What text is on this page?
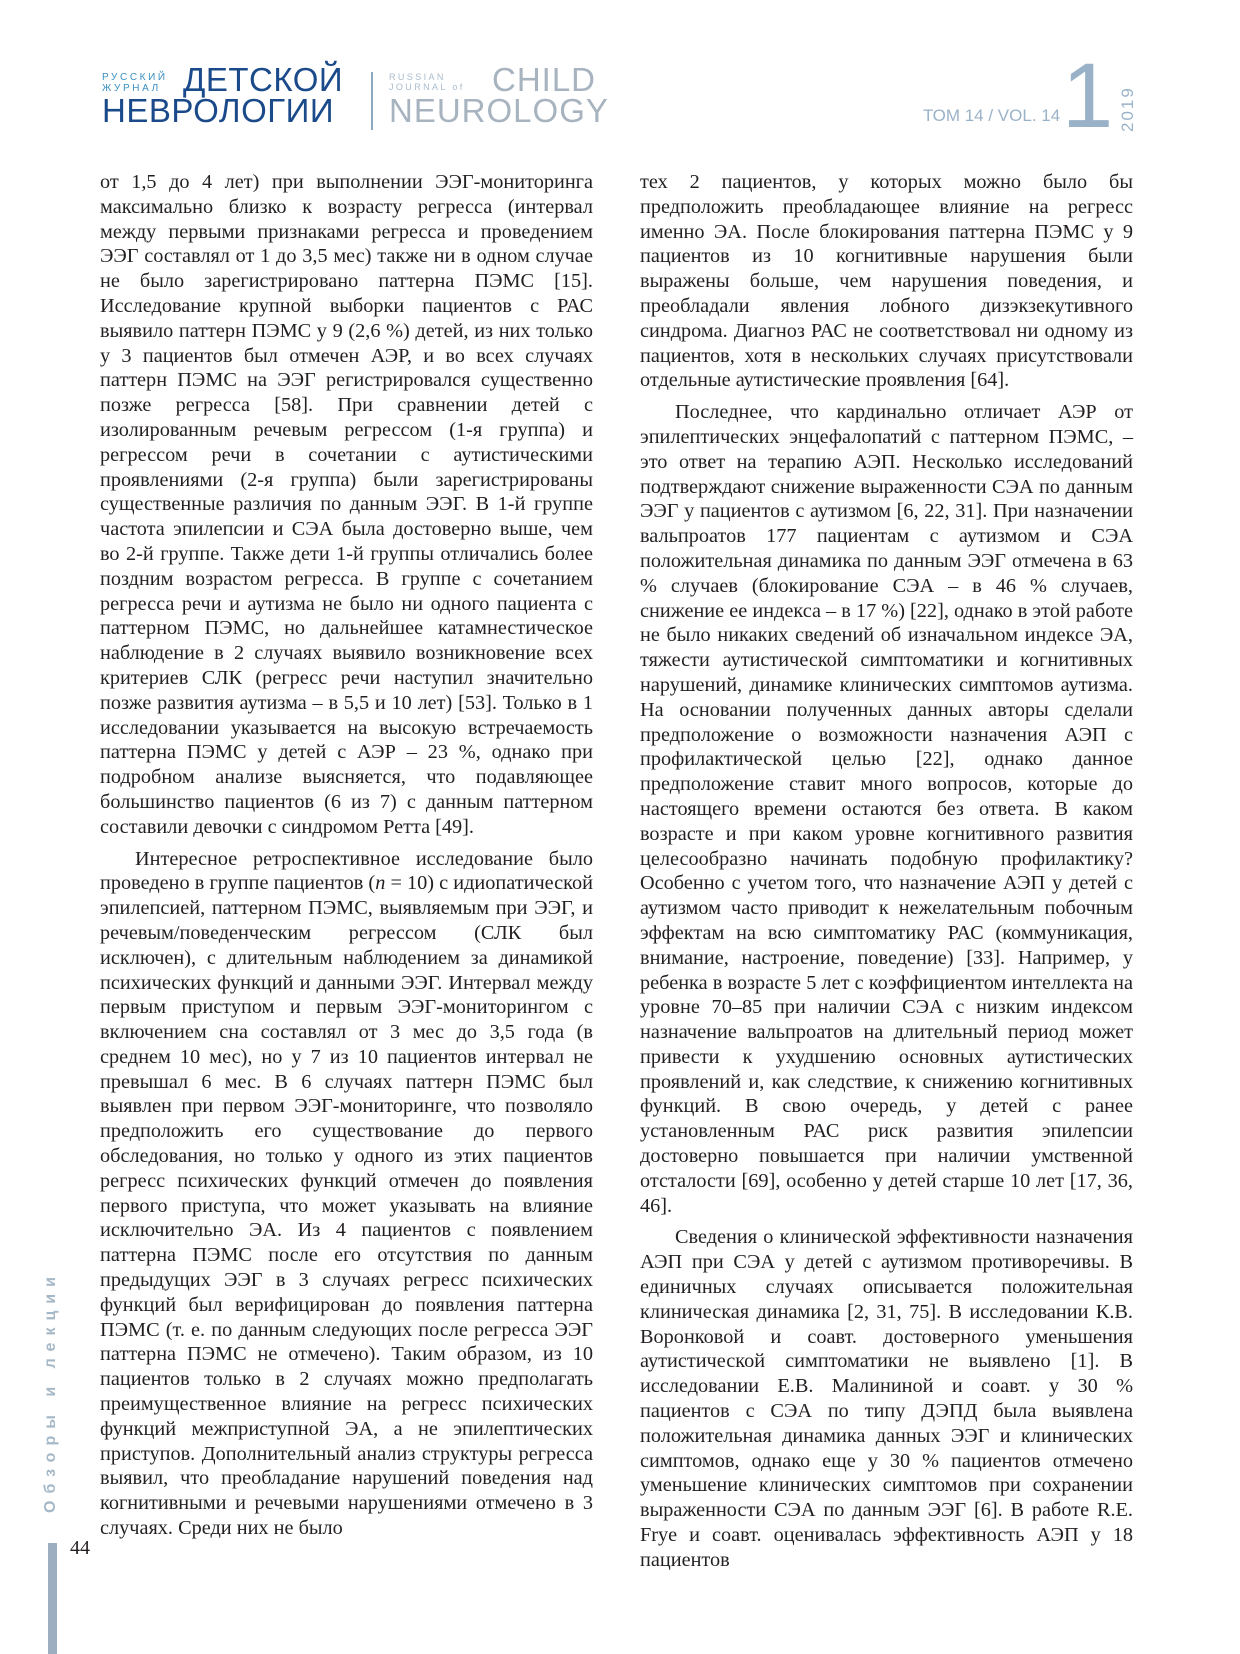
РУССКИЙ ЖУРНАЛ ДЕТСКОЙ
НЕВРОЛОГИИ
RUSSIAN JOURNAL of CHILD
NEUROLOGY	ТОМ 14 / VOL. 14 1 2019
Обзоры и лекции
44

от 1,5 до 4 лет) при выполнении ЭЭГ-мониторинга максимально близко к возрасту регресса (интервал между первыми признаками регресса и проведением ЭЭГ составлял от 1 до 3,5 мес) также ни в одном случае не было зарегистрировано паттерна ПЭМС [15]. Исследование крупной выборки пациентов с РАС выявило паттерн ПЭМС у 9 (2,6 %) детей, из них только у 3 пациентов был отмечен АЭР, и во всех случаях паттерн ПЭМС на ЭЭГ регистрировался существенно позже регресса [58]. При сравнении детей с изолированным речевым регрессом (1-я группа) и регрессом речи в сочетании с аутистическими проявлениями (2-я группа) были зарегистрированы существенные различия по данным ЭЭГ. В 1-й группе частота эпилепсии и СЭА была достоверно выше, чем во 2-й группе. Также дети 1-й группы отличались более поздним возрастом регресса. В группе с сочетанием регресса речи и аутизма не было ни одного пациента с паттерном ПЭМС, но дальнейшее катамнестическое наблюдение в 2 случаях выявило возникновение всех критериев СЛК (регресс речи наступил значительно позже развития аутизма – в 5,5 и 10 лет) [53]. Только в 1 исследовании указывается на высокую встречаемость паттерна ПЭМС у детей с АЭР – 23 %, однако при подробном анализе выясняется, что подавляющее большинство пациентов (6 из 7) с данным паттерном составили девочки с синдромом Ретта [49].

Интересное ретроспективное исследование было проведено в группе пациентов (n = 10) с идиопатической эпилепсией, паттерном ПЭМС, выявляемым при ЭЭГ, и речевым/поведенческим регрессом (СЛК был исключен), с длительным наблюдением за динамикой психических функций и данными ЭЭГ. Интервал между первым приступом и первым ЭЭГ-мониторингом с включением сна составлял от 3 мес до 3,5 года (в среднем 10 мес), но у 7 из 10 пациентов интервал не превышал 6 мес. В 6 случаях паттерн ПЭМС был выявлен при первом ЭЭГ-мониторинге, что позволяло предположить его существование до первого обследования, но только у одного из этих пациентов регресс психических функций отмечен до появления первого приступа, что может указывать на влияние исключительно ЭА. Из 4 пациентов с появлением паттерна ПЭМС после его отсутствия по данным предыдущих ЭЭГ в 3 случаях регресс психических функций был верифицирован до появления паттерна ПЭМС (т. е. по данным следующих после регресса ЭЭГ паттерна ПЭМС не отмечено). Таким образом, из 10 пациентов только в 2 случаях можно предполагать преимущественное влияние на регресс психических функций межприступной ЭА, а не эпилептических приступов. Дополнительный анализ структуры регресса выявил, что преобладание нарушений поведения над когнитивными и речевыми нарушениями отмечено в 3 случаях. Среди них не было

тех 2 пациентов, у которых можно было бы предположить преобладающее влияние на регресс именно ЭА. После блокирования паттерна ПЭМС у 9 пациентов из 10 когнитивные нарушения были выражены больше, чем нарушения поведения, и преобладали явления лобного дизэкзекутивного синдрома. Диагноз РАС не соответствовал ни одному из пациентов, хотя в нескольких случаях присутствовали отдельные аутистические проявления [64].

Последнее, что кардинально отличает АЭР от эпилептических энцефалопатий с паттерном ПЭМС, – это ответ на терапию АЭП. Несколько исследований подтверждают снижение выраженности СЭА по данным ЭЭГ у пациентов с аутизмом [6, 22, 31]. При назначении вальпроатов 177 пациентам с аутизмом и СЭА положительная динамика по данным ЭЭГ отмечена в 63 % случаев (блокирование СЭА – в 46 % случаев, снижение ее индекса – в 17 %) [22], однако в этой работе не было никаких сведений об изначальном индексе ЭА, тяжести аутистической симптоматики и когнитивных нарушений, динамике клинических симптомов аутизма. На основании полученных данных авторы сделали предположение о возможности назначения АЭП с профилактической целью [22], однако данное предположение ставит много вопросов, которые до настоящего времени остаются без ответа. В каком возрасте и при каком уровне когнитивного развития целесообразно начинать подобную профилактику? Особенно с учетом того, что назначение АЭП у детей с аутизмом часто приводит к нежелательным побочным эффектам на всю симптоматику РАС (коммуникация, внимание, настроение, поведение) [33]. Например, у ребенка в возрасте 5 лет с коэффициентом интеллекта на уровне 70–85 при наличии СЭА с низким индексом назначение вальпроатов на длительный период может привести к ухудшению основных аутистических проявлений и, как следствие, к снижению когнитивных функций. В свою очередь, у детей с ранее установленным РАС риск развития эпилепсии достоверно повышается при наличии умственной отсталости [69], особенно у детей старше 10 лет [17, 36, 46].

Сведения о клинической эффективности назначения АЭП при СЭА у детей с аутизмом противоречивы. В единичных случаях описывается положительная клиническая динамика [2, 31, 75]. В исследовании К.В. Воронковой и соавт. достоверного уменьшения аутистической симптоматики не выявлено [1]. В исследовании Е.В. Малининой и соавт. у 30 % пациентов с СЭА по типу ДЭПД была выявлена положительная динамика данных ЭЭГ и клинических симптомов, однако еще у 30 % пациентов отмечено уменьшение клинических симптомов при сохранении выраженности СЭА по данным ЭЭГ [6]. В работе R.E. Frye и соавт. оценивалась эффективность АЭП у 18 пациентов
